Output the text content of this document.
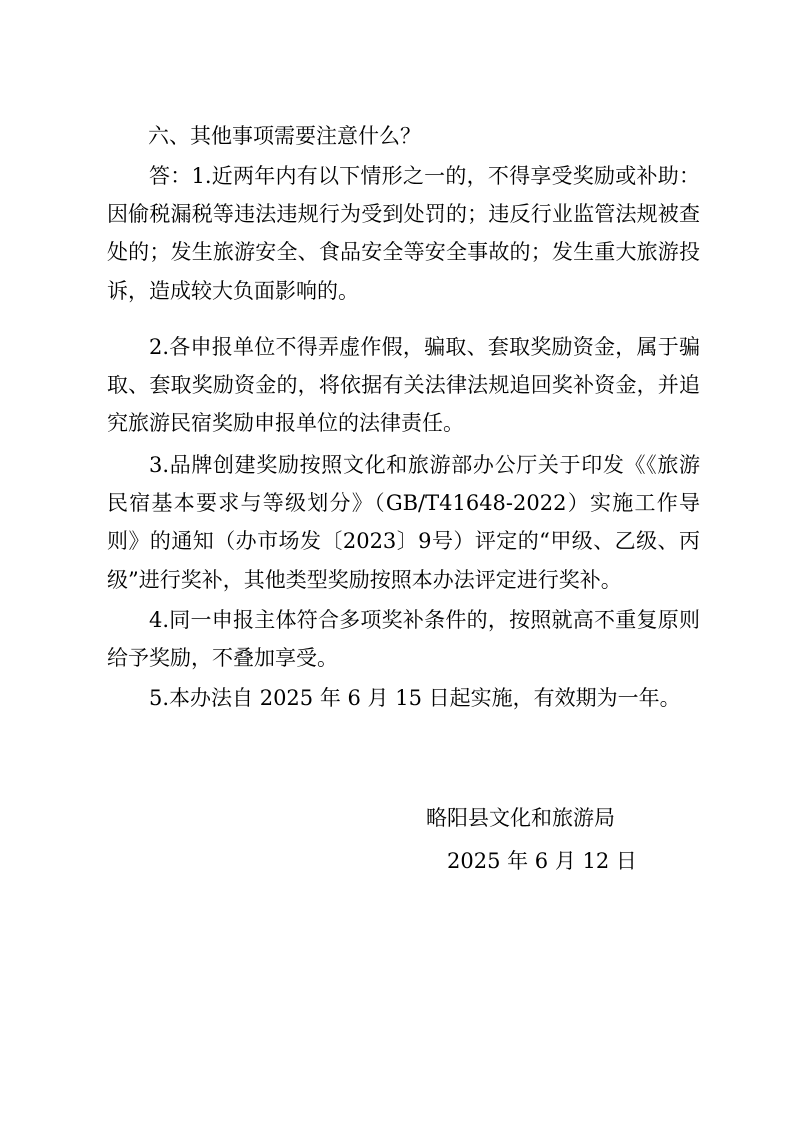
六、其他事项需要注意什么？

答：1.近两年内有以下情形之一的，不得享受奖励或补助：因偷税漏税等违法违规行为受到处罚的；违反行业监管法规被查处的；发生旅游安全、食品安全等安全事故的；发生重大旅游投诉，造成较大负面影响的。

2.各申报单位不得弄虚作假，骗取、套取奖励资金，属于骗取、套取奖励资金的，将依据有关法律法规追回奖补资金，并追究旅游民宿奖励申报单位的法律责任。

3.品牌创建奖励按照文化和旅游部办公厅关于印发《《旅游民宿基本要求与等级划分》（GB/T41648-2022）实施工作导则》的通知（办市场发〔2023〕9号）评定的“甲级、乙级、丙级”进行奖补，其他类型奖励按照本办法评定进行奖补。

4.同一申报主体符合多项奖补条件的，按照就高不重复原则给予奖励，不叠加享受。

5.本办法自 2025 年 6 月 15 日起实施，有效期为一年。

略阳县文化和旅游局
2025 年 6 月 12 日
